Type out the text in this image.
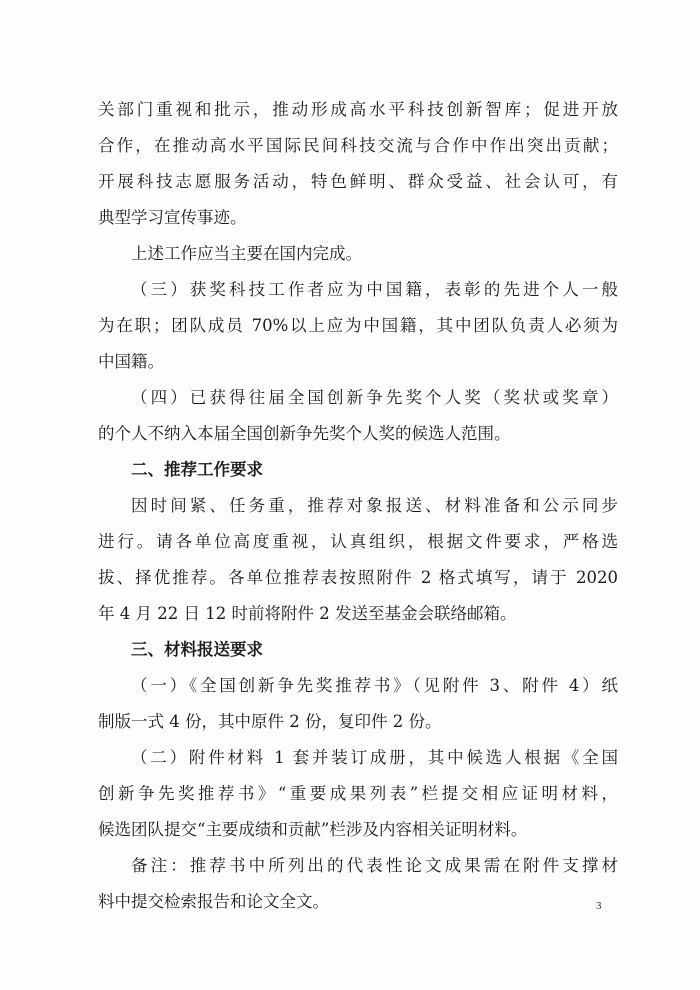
关部门重视和批示，推动形成高水平科技创新智库；促进开放
合作，在推动高水平国际民间科技交流与合作中作出突出贡献；
开展科技志愿服务活动，特色鲜明、群众受益、社会认可，有
典型学习宣传事迹。
上述工作应当主要在国内完成。
（三）获奖科技工作者应为中国籍，表彰的先进个人一般
为在职；团队成员 70%以上应为中国籍，其中团队负责人必须为
中国籍。
（四）已获得往届全国创新争先奖个人奖（奖状或奖章）
的个人不纳入本届全国创新争先奖个人奖的候选人范围。
二、推荐工作要求
因时间紧、任务重，推荐对象报送、材料准备和公示同步
进行。请各单位高度重视，认真组织，根据文件要求，严格选
拔、择优推荐。各单位推荐表按照附件 2 格式填写，请于 2020
年 4 月 22 日 12 时前将附件 2 发送至基金会联络邮箱。
三、材料报送要求
（一）《全国创新争先奖推荐书》（见附件 3、附件 4）纸
制版一式 4 份，其中原件 2 份，复印件 2 份。
（二）附件材料 1 套并装订成册，其中候选人根据《全国
创新争先奖推荐书》“重要成果列表”栏提交相应证明材料，
候选团队提交“主要成绩和贡献”栏涉及内容相关证明材料。
备注：推荐书中所列出的代表性论文成果需在附件支撑材
料中提交检索报告和论文全文。	3
